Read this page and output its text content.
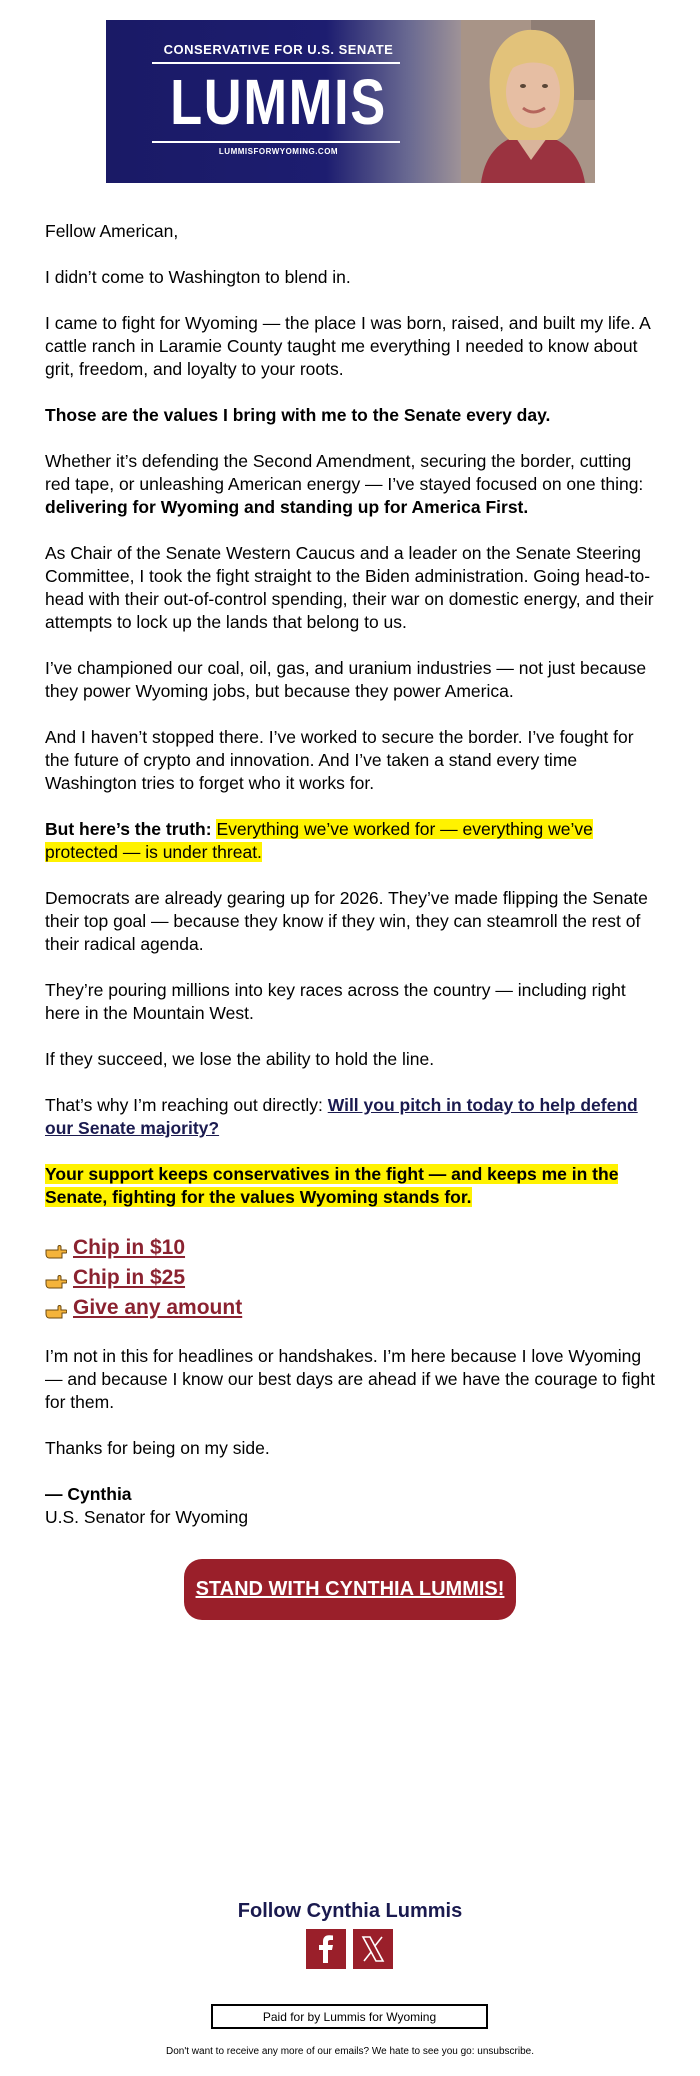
CONSERVATIVE FOR U.S. SENATE
LUMMIS
LUMMISFORWYOMING.COM

Fellow American,

I didn’t come to Washington to blend in.

I came to fight for Wyoming — the place I was born, raised, and built my life. A cattle ranch in Laramie County taught me everything I needed to know about grit, freedom, and loyalty to your roots.

Those are the values I bring with me to the Senate every day.

Whether it’s defending the Second Amendment, securing the border, cutting red tape, or unleashing American energy — I’ve stayed focused on one thing: delivering for Wyoming and standing up for America First.

As Chair of the Senate Western Caucus and a leader on the Senate Steering Committee, I took the fight straight to the Biden administration. Going head-to-head with their out-of-control spending, their war on domestic energy, and their attempts to lock up the lands that belong to us.

I’ve championed our coal, oil, gas, and uranium industries — not just because they power Wyoming jobs, but because they power America.

And I haven’t stopped there. I’ve worked to secure the border. I’ve fought for the future of crypto and innovation. And I’ve taken a stand every time Washington tries to forget who it works for.

But here’s the truth: Everything we’ve worked for — everything we’ve protected — is under threat.

Democrats are already gearing up for 2026. They’ve made flipping the Senate their top goal — because they know if they win, they can steamroll the rest of their radical agenda.

They’re pouring millions into key races across the country — including right here in the Mountain West.

If they succeed, we lose the ability to hold the line.

That’s why I’m reaching out directly: Will you pitch in today to help defend our Senate majority?

Your support keeps conservatives in the fight — and keeps me in the Senate, fighting for the values Wyoming stands for.

Chip in $10
Chip in $25
Give any amount

I’m not in this for headlines or handshakes. I’m here because I love Wyoming — and because I know our best days are ahead if we have the courage to fight for them.

Thanks for being on my side.

— Cynthia
U.S. Senator for Wyoming

STAND WITH CYNTHIA LUMMIS!
Follow Cynthia Lummis
Paid for by Lummis for Wyoming
Don't want to receive any more of our emails? We hate to see you go: unsubscribe.
